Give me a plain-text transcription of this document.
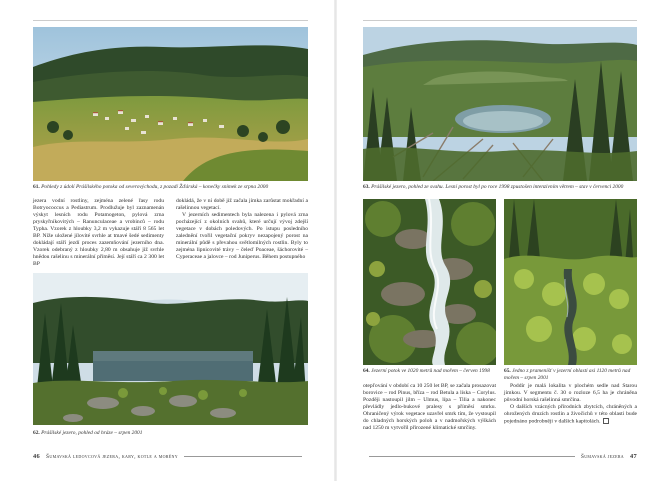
61. Pohledy z údolí Prášilského potoka od severovýchodu, z pozadí Žďárská – konečky snímek ze srpna 2000

jezera vodní rostliny, zejména zelené řasy rodu Botryococcus a Pediastrum. Prodlužuje byl zaznamenán výskyt lesních rodu Potamogeton, pylová zrna pryskyřníkovitých – Ranunculaceae a vrobinců – rodu Typha. Vzorek z hloubky 3,2 m vykazuje stáří 8 565 let BP. Níže uložené jílovité svrhle at tmavé šedé sedimenty dokládají stáří jezdí proces zazemňování jezerního dna. Vzorek odebraný z hloubky 2,80 m obsahuje již svrhle hnědou rašelinu s minerální příměsí. Její stáří ca 2 300 let BP

dokládá, že v ní době již začala jímka zarůstat mokřadní a rašelinnou vegetací.

V jezerních sedimentech byla nalezena i pylová zrna pocházející z okolních svahů, které určují vývoj zdejší vegetace v dobách poledových. Po istupu posledního zalednění tvořil vegetační pokryv nezapojený porost na minerální půdě s převahou světlomilných rostlin. Byly to zejména lipnicovité trávy – čeleď Poaceae, šáchorovité – Cyperaceae a jalovce – rod Juniperus. Během postupného

62. Prášilské jezero, pohled od hráze – srpen 2001
46 Šumavská ledovcová jezera, kary, kotle a morény
63. Prášilské jezero, pohled ze svahu. Lesní porost byl po roce 1998 zpustošen intenzivním větrem – stav v červenci 2000
64. Jezerní potok ve 1020 metrů nad mořem – červen 1998	65. Jedno z pramenišť v jezerní oblasti asi 1120 metrů nad mořem – srpen 2001

otepľování v období ca 10 250 let BP, se začala prosazovat borovice – rod Pinus, bříza – rod Betula a líska – Corylus. Později nastoupil jilm – Ulmus, lípa – Tilia a nakonec převládly jedlo-bukové pralesy s příměsí smrku. Ohraničený výrok vegetace uzavřel smrk tím, že vystoupil do chladných horských poloh a v nadmořských výškách nad 1250 m vytvořil přirozené klimatické smrčiny.

Poddír je malá lokalita v plochém sedle nad Starou jímkou. V segmentu č. 30 o rozloze 6,5 ha je chráněna původní horská rašelinná smrčina.

O dalších vzácných přírodních zbytcích, chráněných a ohrožených druzích rostlin a živočichů v této oblasti bude pojednáno podrobněji v dalších kapitolách.

Šumavská jezera 47
